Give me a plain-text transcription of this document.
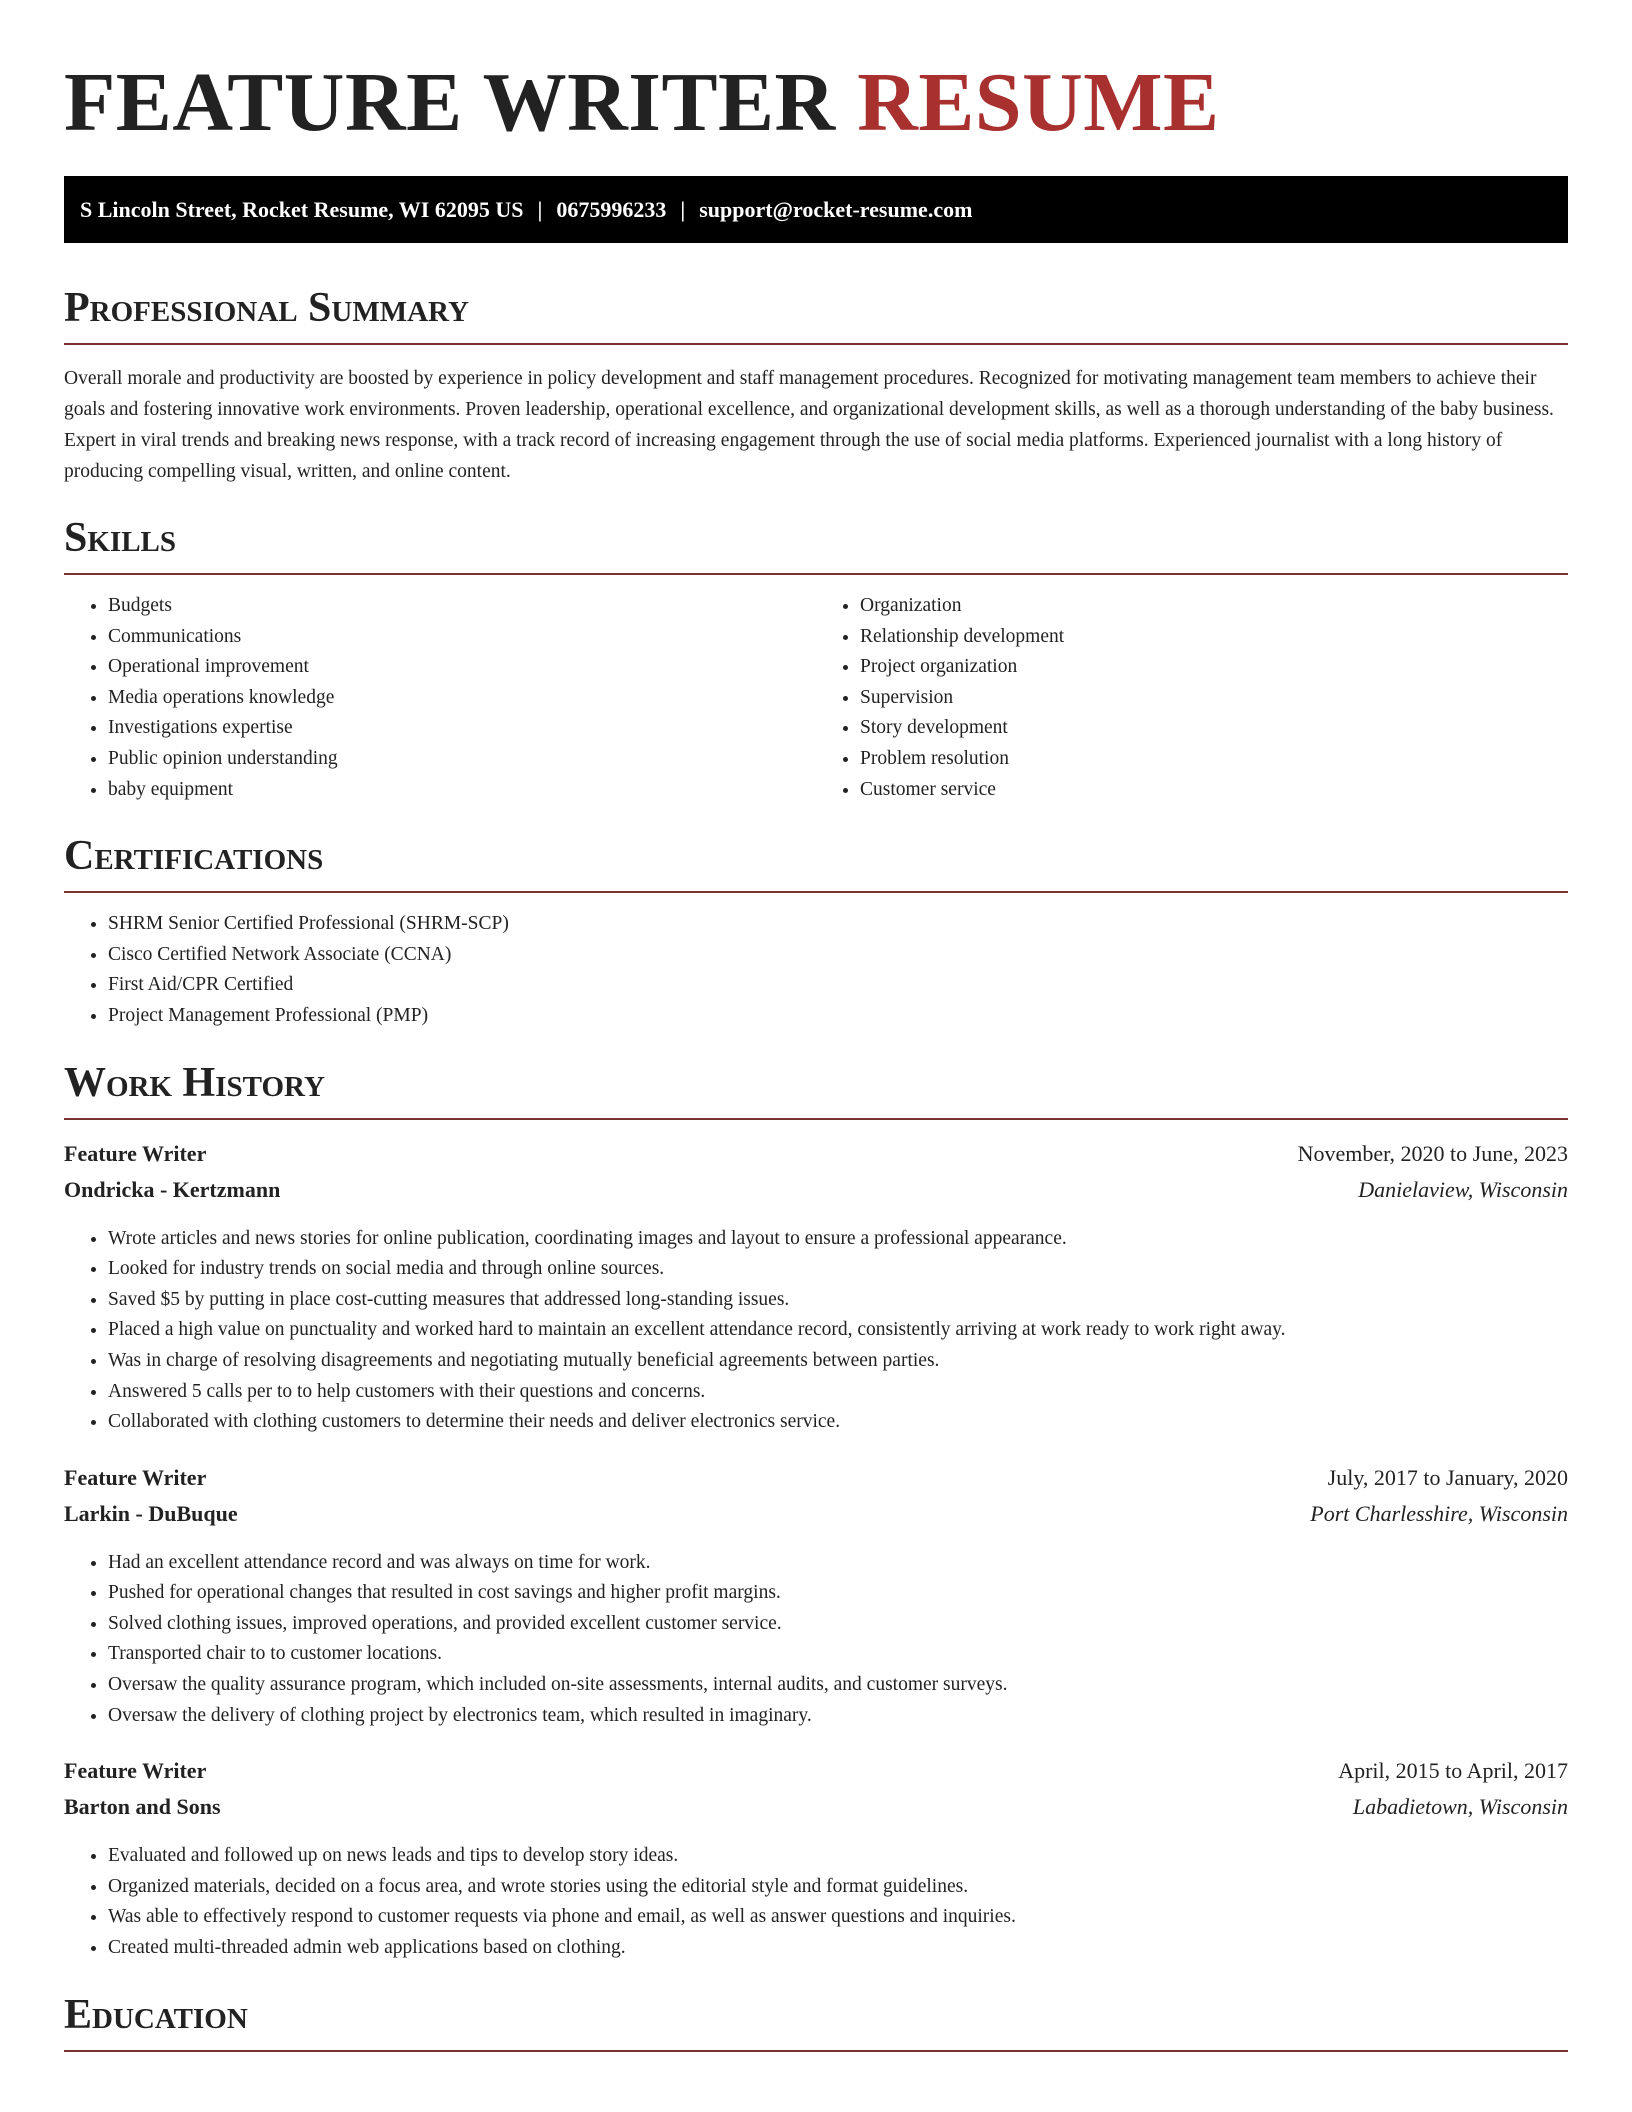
FEATURE WRITER RESUME
S Lincoln Street, Rocket Resume, WI 62095 US | 0675996233 | support@rocket-resume.com
Professional Summary

Overall morale and productivity are boosted by experience in policy development and staff management procedures. Recognized for motivating management team members to achieve their goals and fostering innovative work environments. Proven leadership, operational excellence, and organizational development skills, as well as a thorough understanding of the baby business. Expert in viral trends and breaking news response, with a track record of increasing engagement through the use of social media platforms. Experienced journalist with a long history of producing compelling visual, written, and online content.

Skills
• Budgets
• Communications
• Operational improvement
• Media operations knowledge
• Investigations expertise
• Public opinion understanding
• baby equipment
• Organization
• Relationship development
• Project organization
• Supervision
• Story development
• Problem resolution
• Customer service
Certifications
• SHRM Senior Certified Professional (SHRM-SCP)
• Cisco Certified Network Associate (CCNA)
• First Aid/CPR Certified
• Project Management Professional (PMP)
Work History
Feature Writer	November, 2020 to June, 2023
Ondricka - Kertzmann	Danielaview, Wisconsin
• Wrote articles and news stories for online publication, coordinating images and layout to ensure a professional appearance.
• Looked for industry trends on social media and through online sources.
• Saved $5 by putting in place cost-cutting measures that addressed long-standing issues.
• Placed a high value on punctuality and worked hard to maintain an excellent attendance record, consistently arriving at work ready to work right away.
• Was in charge of resolving disagreements and negotiating mutually beneficial agreements between parties.
• Answered 5 calls per to to help customers with their questions and concerns.
• Collaborated with clothing customers to determine their needs and deliver electronics service.
Feature Writer	July, 2017 to January, 2020
Larkin - DuBuque	Port Charlesshire, Wisconsin
• Had an excellent attendance record and was always on time for work.
• Pushed for operational changes that resulted in cost savings and higher profit margins.
• Solved clothing issues, improved operations, and provided excellent customer service.
• Transported chair to to customer locations.
• Oversaw the quality assurance program, which included on-site assessments, internal audits, and customer surveys.
• Oversaw the delivery of clothing project by electronics team, which resulted in imaginary.
Feature Writer	April, 2015 to April, 2017
Barton and Sons	Labadietown, Wisconsin
• Evaluated and followed up on news leads and tips to develop story ideas.
• Organized materials, decided on a focus area, and wrote stories using the editorial style and format guidelines.
• Was able to effectively respond to customer requests via phone and email, as well as answer questions and inquiries.
• Created multi-threaded admin web applications based on clothing.
Education
